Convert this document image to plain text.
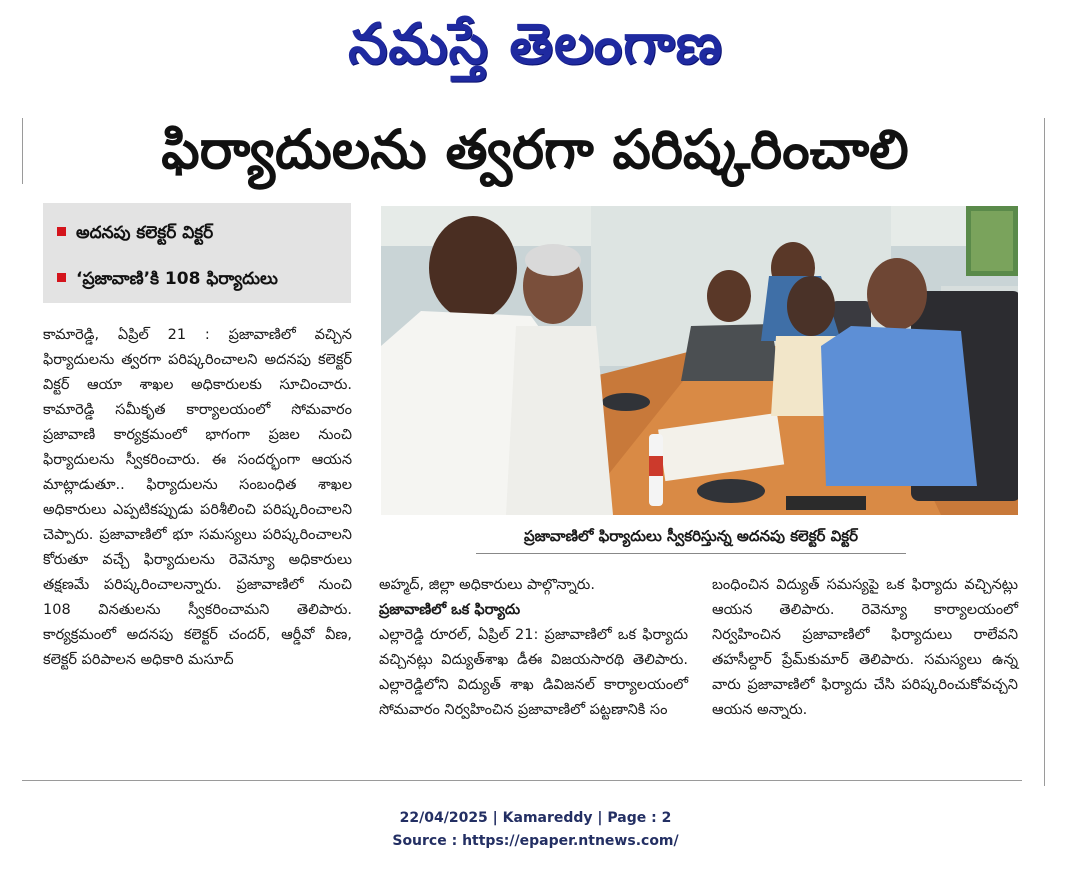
నమస్తే తెలంగాణ
ఫిర్యాదులను త్వరగా పరిష్కరించాలి
అదనపు కలెక్టర్ విక్టర్
‘ప్రజావాణి’కి 108 ఫిర్యాదులు

కామారెడ్డి, ఏప్రిల్ 21 : ప్రజావాణిలో వచ్చిన ఫిర్యాదులను త్వరగా పరిష్కరించాలని అదనపు కలెక్టర్ విక్టర్ ఆయా శాఖల అధికారులకు సూచించారు. కామారెడ్డి సమీకృత కార్యాలయంలో సోమవారం ప్రజావాణి కార్యక్రమంలో భాగంగా ప్రజల నుంచి ఫిర్యాదులను స్వీకరించారు. ఈ సందర్భంగా ఆయన మాట్లాడుతూ.. ఫిర్యాదులను సంబంధిత శాఖల అధికారులు ఎప్పటికప్పుడు పరిశీలించి పరిష్కరించాలని చెప్పారు. ప్రజావాణిలో భూ సమస్యలు పరిష్కరించాలని కోరుతూ వచ్చే ఫిర్యాదులను రెవెన్యూ అధికారులు తక్షణమే పరిష్కరించాలన్నారు. ప్రజావాణిలో నుంచి 108 వినతులను స్వీకరించామని తెలిపారు. కార్యక్రమంలో అదనపు కలెక్టర్ చందర్, ఆర్డీవో వీణ, కలెక్టర్ పరిపాలన అధికారి మసూద్

ప్రజావాణిలో ఫిర్యాదులు స్వీకరిస్తున్న అదనపు కలెక్టర్ విక్టర్

అహ్మద్, జిల్లా అధికారులు పాల్గొన్నారు.

ప్రజావాణిలో ఒక ఫిర్యాదు

ఎల్లారెడ్డి రూరల్, ఏప్రిల్ 21: ప్రజావాణిలో ఒక ఫిర్యాదు వచ్చినట్లు విద్యుత్‌శాఖ డీఈ విజయసారథి తెలిపారు. ఎల్లారెడ్డిలోని విద్యుత్ శాఖ డివిజనల్ కార్యాలయంలో సోమవారం నిర్వహించిన ప్రజావాణిలో పట్టణానికి సం

బంధించిన విద్యుత్ సమస్యపై ఒక ఫిర్యాదు వచ్చినట్లు ఆయన తెలిపారు. రెవెన్యూ కార్యాలయంలో నిర్వహించిన ప్రజావాణిలో ఫిర్యాదులు రాలేవని తహసీల్దార్ ప్రేమ్‌కుమార్ తెలిపారు. సమస్యలు ఉన్న వారు ప్రజావాణిలో ఫిర్యాదు చేసి పరిష్కరించుకోవచ్చని ఆయన అన్నారు.

22/04/2025 | Kamareddy | Page : 2
Source : https://epaper.ntnews.com/
